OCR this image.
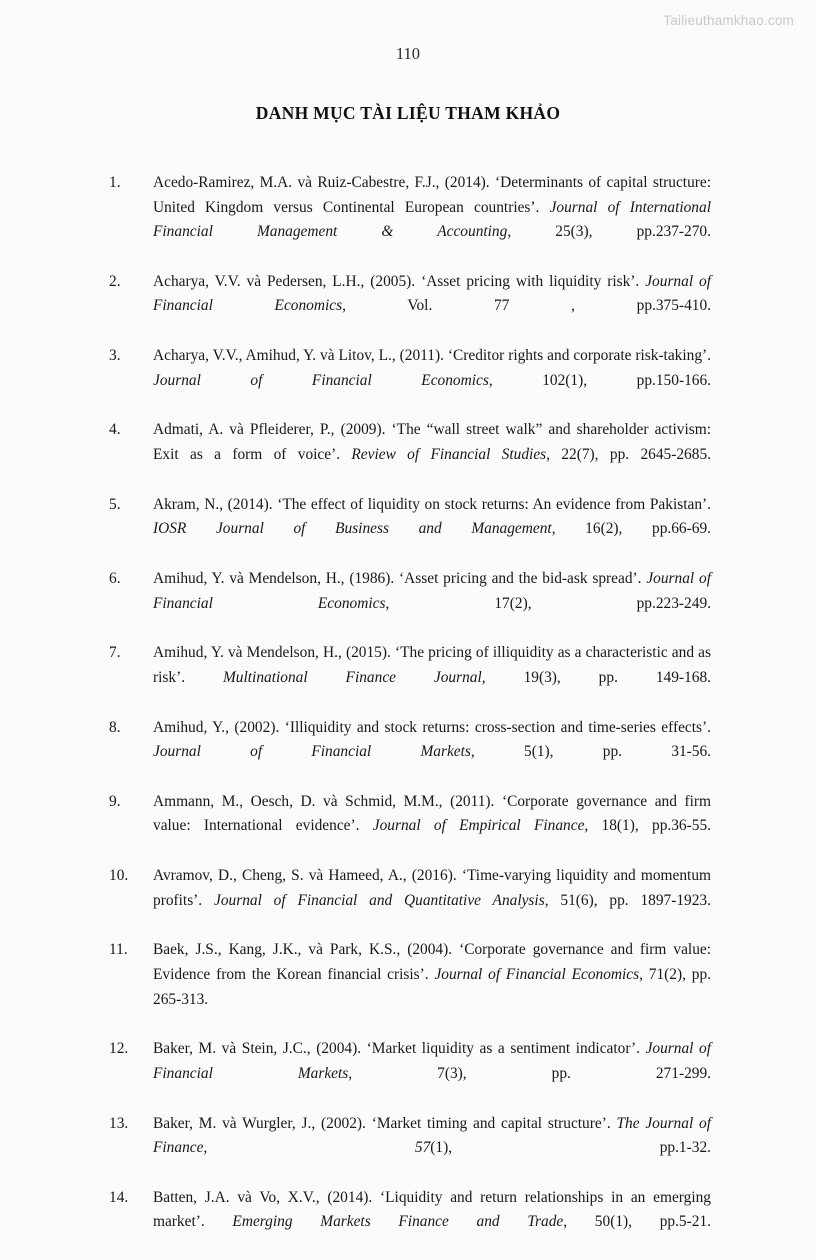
Tailieuthamkhao.com
110
DANH MỤC TÀI LIỆU THAM KHẢO
1.	Acedo-Ramirez, M.A. và Ruiz-Cabestre, F.J., (2014). ‘Determinants of capital structure: United Kingdom versus Continental European countries’. Journal of International Financial Management & Accounting, 25(3), pp.237-270.
2.	Acharya, V.V. và Pedersen, L.H., (2005). ‘Asset pricing with liquidity risk’. Journal of Financial Economics, Vol. 77 , pp.375-410.
3.	Acharya, V.V., Amihud, Y. và Litov, L., (2011). ‘Creditor rights and corporate risk-taking’. Journal of Financial Economics, 102(1), pp.150-166.
4.	Admati, A. và Pfleiderer, P., (2009). ‘The “wall street walk” and shareholder activism: Exit as a form of voice’. Review of Financial Studies, 22(7), pp. 2645-2685.
5.	Akram, N., (2014). ‘The effect of liquidity on stock returns: An evidence from Pakistan’. IOSR Journal of Business and Management, 16(2), pp.66-69.
6.	Amihud, Y. và Mendelson, H., (1986). ‘Asset pricing and the bid-ask spread’. Journal of Financial Economics, 17(2), pp.223-249.
7.	Amihud, Y. và Mendelson, H., (2015). ‘The pricing of illiquidity as a characteristic and as risk’. Multinational Finance Journal, 19(3), pp. 149-168.
8.	Amihud, Y., (2002). ‘Illiquidity and stock returns: cross-section and time-series effects’. Journal of Financial Markets, 5(1), pp. 31-56.
9.	Ammann, M., Oesch, D. và Schmid, M.M., (2011). ‘Corporate governance and firm value: International evidence’. Journal of Empirical Finance, 18(1), pp.36-55.
10.	Avramov, D., Cheng, S. và Hameed, A., (2016). ‘Time-varying liquidity and momentum profits’. Journal of Financial and Quantitative Analysis, 51(6), pp. 1897-1923.
11.	Baek, J.S., Kang, J.K., và Park, K.S., (2004). ‘Corporate governance and firm value: Evidence from the Korean financial crisis’. Journal of Financial Economics, 71(2), pp. 265-313.
12.	Baker, M. và Stein, J.C., (2004). ‘Market liquidity as a sentiment indicator’. Journal of Financial Markets, 7(3), pp. 271-299.
13.	Baker, M. và Wurgler, J., (2002). ‘Market timing and capital structure’. The Journal of Finance, 57(1), pp.1-32.
14.	Batten, J.A. và Vo, X.V., (2014). ‘Liquidity and return relationships in an emerging market’. Emerging Markets Finance and Trade, 50(1), pp.5-21.
